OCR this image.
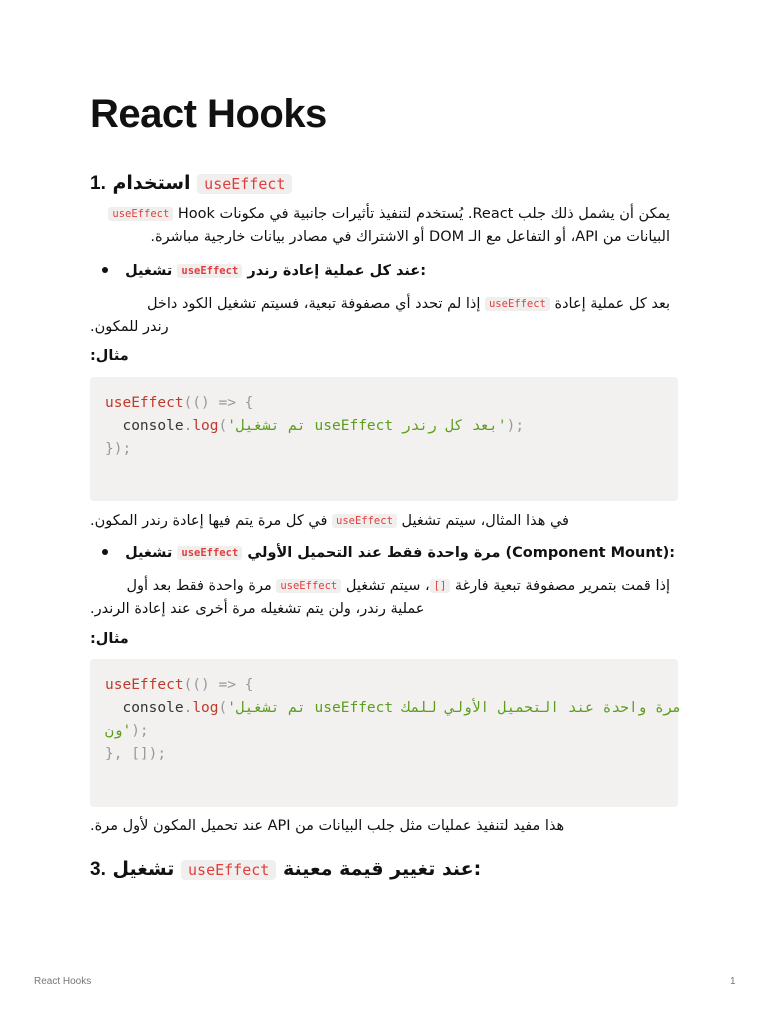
React Hooks
1. استخدام useEffect

يمكن أن يشمل ذلك جلب React. يُستخدم لتنفيذ تأثيرات جانبية في مكونات useEffect Hook
البيانات من API، أو التفاعل مع الـ DOM أو الاشتراك في مصادر بيانات خارجية مباشرة.

تشغيل useEffect عند كل عملية إعادة رندر:

بعد كل عملية إعادة useEffect إذا لم تحدد أي مصفوفة تبعية، فسيتم تشغيل الكود داخل

رندر للمكون.

مثال:

useEffect(() => {
console.log('تم تشغيل useEffect بعد كل رندر');
});

في هذا المثال، سيتم تشغيل useEffect في كل مرة يتم فيها إعادة رندر المكون.

تشغيل useEffect مرة واحدة فقط عند التحميل الأولي (Component Mount):

إذا قمت بتمرير مصفوفة تبعية فارغة []، سيتم تشغيل useEffect مرة واحدة فقط بعد أول

عملية رندر، ولن يتم تشغيله مرة أخرى عند إعادة الرندر.

مثال:

useEffect(() => {
console.log('تم تشغيل useEffect مرة واحدة عند التحميل الأولي للمك
ون');
}, []);

هذا مفيد لتنفيذ عمليات مثل جلب البيانات من API عند تحميل المكون لأول مرة.

3. تشغيل useEffect عند تغيير قيمة معينة:
React Hooks	1
